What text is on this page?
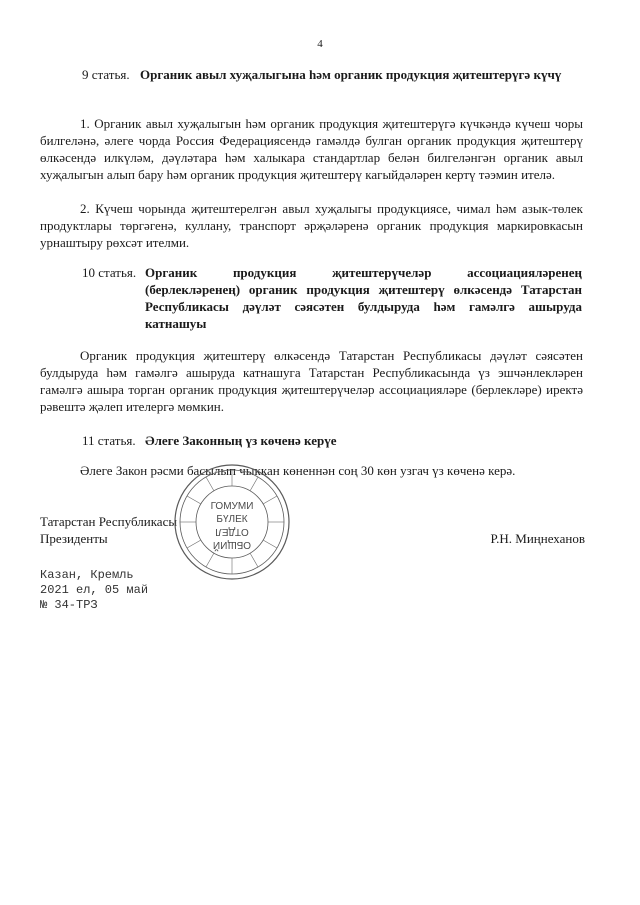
4
9 статья. Органик авыл хуҗалыгына һәм органик продукция җитештерүгә күчү
1. Органик авыл хуҗалыгын һәм органик продукция җитештерүгә күчкәндә күчеш чоры билгеләнә, әлеге чорда Россия Федерациясендә гамәлдә булган органик продукция җитештерү өлкәсендә илкүләм, дәүләтара һәм халыкара стандартлар белән билгеләнгән органик авыл хуҗалыгын алып бару һәм органик продукция җитештерү кагыйдәләрен кертү тәэмин ителә.
2. Күчеш чорында җитештерелгән авыл хуҗалыгы продукциясе, чимал һәм азык-төлек продуктлары төргәгенә, куллану, транспорт әрҗәләренә органик продукция маркировкасын урнаштыру рөхсәт ителми.
10 статья. Органик продукция җитештерүчеләр ассоциацияләренең (берлекләренең) органик продукция җитештерү өлкәсендә Татарстан Республикасы дәүләт сәясәтен булдыруда һәм гамәлгә ашыруда катнашуы
Органик продукция җитештерү өлкәсендә Татарстан Республикасы дәүләт сәясәтен булдыруда һәм гамәлгә ашыруда катнашуга Татарстан Республикасында үз эшчәнлекләрен гамәлгә ашыра торган органик продукция җитештерүчеләр ассоциацияләре (берлекләре) иректә рәвештә җәлеп ителергә мөмкин.
11 статья. Әлеге Законның үз көченә керүе
Әлеге Закон рәсми басылып чыккан көненнән соң 30 көн узгач үз көченә керә.
Татарстан Республикасы
Президенты	Р.Н. Миңнеханов
ГОМУМИ
БҮЛЕК
ОТДЕЛ
ОБЩИЙ
Казан, Кремль
2021 ел, 05 май
№ 34-ТРЗ
